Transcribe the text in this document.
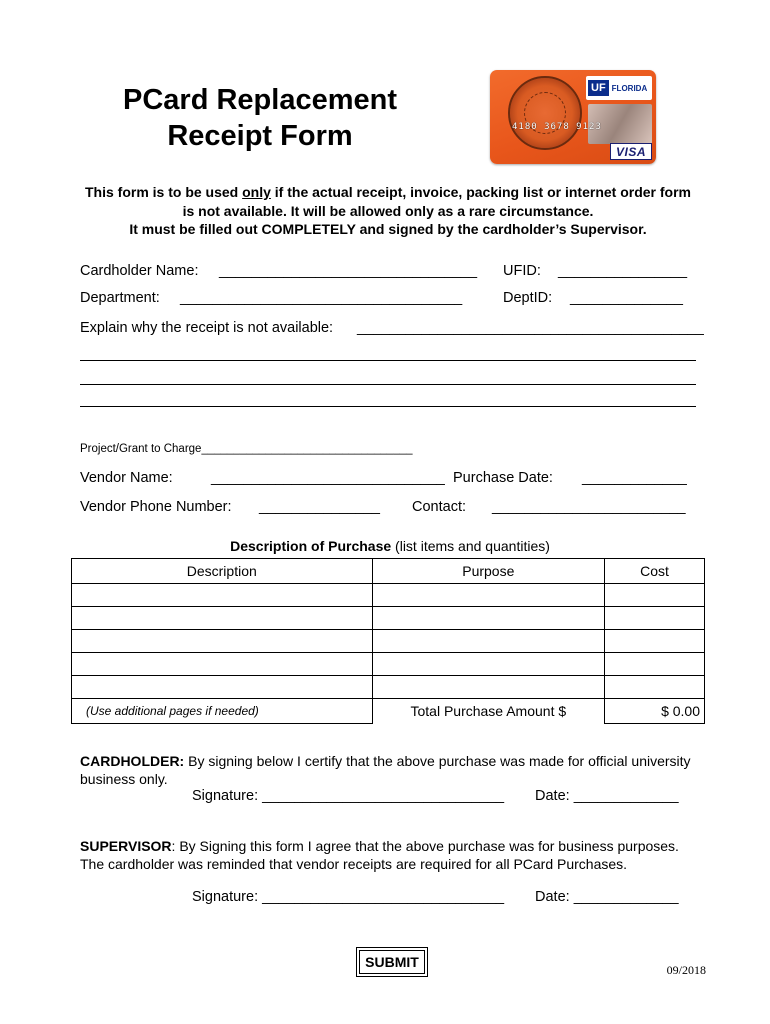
PCard Replacement
Receipt Form
UF FLORIDA
4180 3678 9123
VISA
This form is to be used only if the actual receipt, invoice, packing list or internet order form is not available. It will be allowed only as a rare circumstance.
It must be filled out COMPLETELY and signed by the cardholder’s Supervisor.
Cardholder Name: ________________________________ UFID: ________________
Department: ___________________________________	DeptID: ______________
Explain why the receipt is not available: ___________________________________________
Project/Grant to Charge_________________________________
Vendor Name:	_____________________________ Purchase Date: _____________
Vendor Phone Number: _______________ Contact: ________________________
Description of Purchase (list items and quantities)
Description	Purpose	Cost

(Use additional pages if needed)	Total Purchase Amount $	$ 0.00
CARDHOLDER: By signing below I certify that the above purchase was made for official university business only.
Signature: ______________________________ Date: _____________
SUPERVISOR: By Signing this form I agree that the above purchase was for business purposes. The cardholder was reminded that vendor receipts are required for all PCard Purchases.
Signature: ______________________________ Date: _____________
SUBMIT	09/2018
